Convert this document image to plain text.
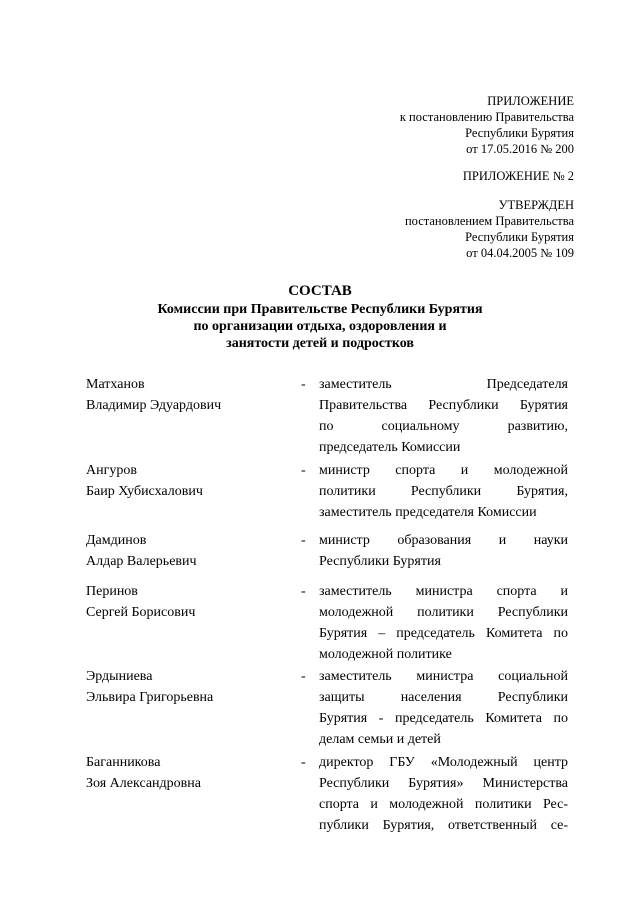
ПРИЛОЖЕНИЕ
к постановлению Правительства
Республики Бурятия
от 17.05.2016 № 200
ПРИЛОЖЕНИЕ № 2
УТВЕРЖДЕН
постановлением Правительства
Республики Бурятия
от 04.04.2005 № 109
СОСТАВ
Комиссии при Правительстве Республики Бурятия
по организации отдыха, оздоровления и
занятости детей и подростков
Матханов
Владимир Эдуардович
- заместитель Председателя
Правительства Республики Бурятия
по социальному развитию,
председатель Комиссии
Ангуров
Баир Хубисхалович
- министр спорта и молодежной
политики Республики Бурятия,
заместитель председателя Комиссии
Дамдинов
Алдар Валерьевич
- министр образования и науки
Республики Бурятия
Перинов
Сергей Борисович
- заместитель министра спорта и
молодежной политики Республики
Бурятия – председатель Комитета по
молодежной политике
Эрдыниева
Эльвира Григорьевна
- заместитель министра социальной
защиты населения Республики
Бурятия - председатель Комитета по
делам семьи и детей
Баганникова
Зоя Александровна
- директор ГБУ «Молодежный центр
Республики Бурятия» Министерства
спорта и молодежной политики Рес-
публики Бурятия, ответственный се-
